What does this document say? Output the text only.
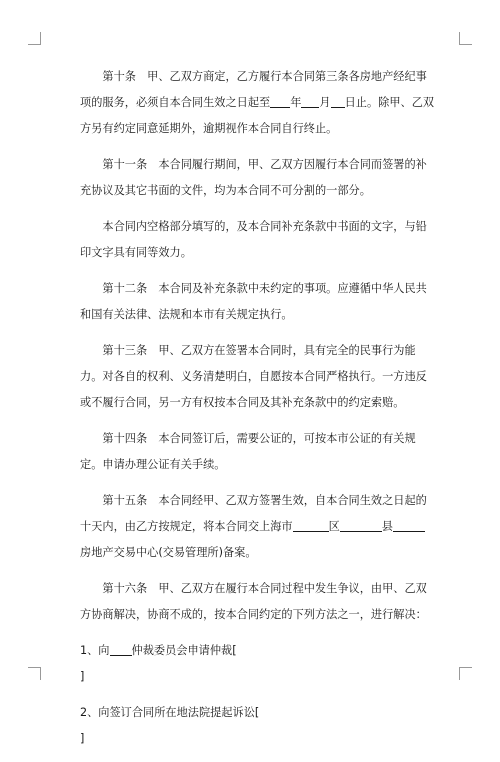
第十条　甲、乙双方商定，乙方履行本合同第三条各房地产经纪事项的服务，必须自本合同生效之日起至 年 月 日止。除甲、乙双方另有约定同意延期外，逾期视作本合同自行终止。

第十一条　本合同履行期间，甲、乙双方因履行本合同而签署的补充协议及其它书面的文件，均为本合同不可分割的一部分。

本合同内空格部分填写的，及本合同补充条款中书面的文字，与铅印文字具有同等效力。

第十二条　本合同及补充条款中未约定的事项。应遵循中华人民共和国有关法律、法规和本市有关规定执行。

第十三条　甲、乙双方在签署本合同时，具有完全的民事行为能力。对各自的权利、义务清楚明白，自愿按本合同严格执行。一方违反或不履行合同，另一方有权按本合同及其补充条款中的约定索赔。

第十四条　本合同签订后，需要公证的，可按本市公证的有关规定。申请办理公证有关手续。

第十五条　本合同经甲、乙双方签署生效，自本合同生效之日起的十天内，由乙方按规定，将本合同交上海市	区	县房地产交易中心(交易管理所)备案。

第十六条　甲、乙双方在履行本合同过程中发生争议，由甲、乙双方协商解决，协商不成的，按本合同约定的下列方法之一，进行解决：

1、向 仲裁委员会申请仲裁[

]

2、向签订合同所在地法院提起诉讼[

]
